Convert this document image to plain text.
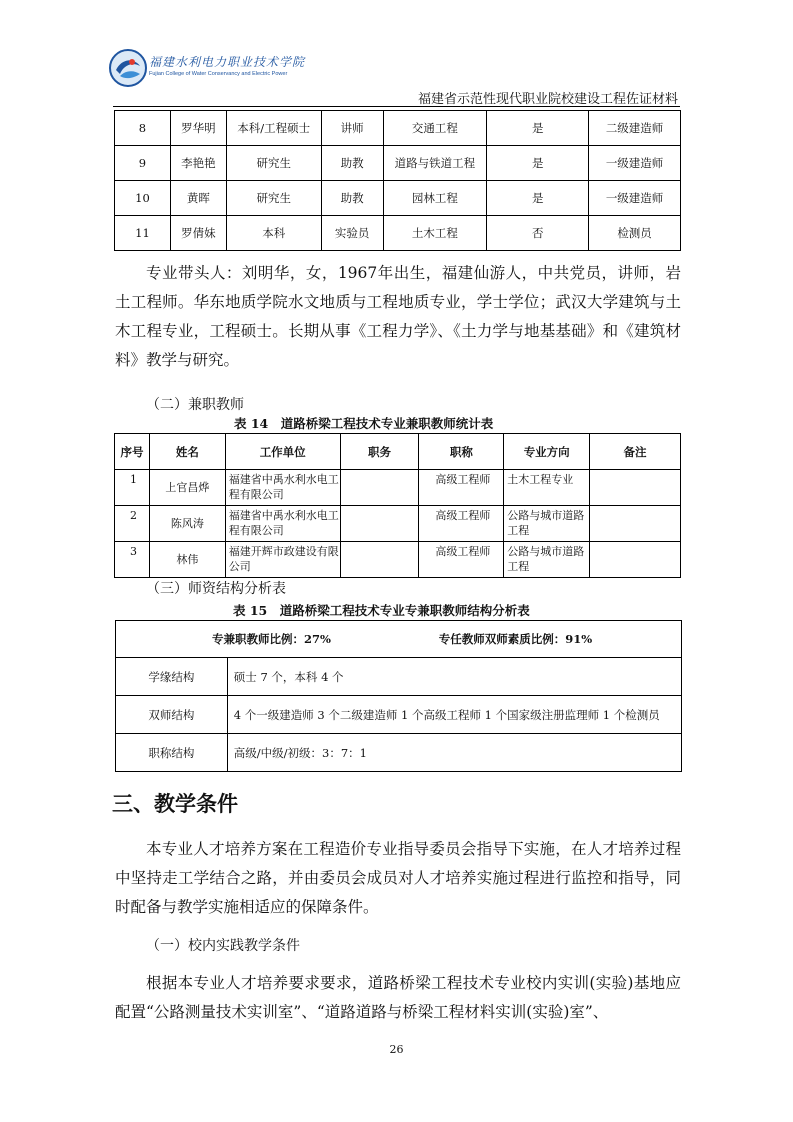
福建水利电力职业技术学院
Fujian College of Water Conservancy and Electric Power
福建省示范性现代职业院校建设工程佐证材料
8	罗华明	本科/工程硕士	讲师	交通工程	是	二级建造师
9	李艳艳	研究生	助教	道路与铁道工程	是	一级建造师
10	黄晖	研究生	助教	园林工程	是	一级建造师
11	罗倩妹	本科	实验员	土木工程	否	检测员
专业带头人：刘明华，女，1967年出生，福建仙游人，中共党员，讲师，岩土工程师。华东地质学院水文地质与工程地质专业，学士学位；武汉大学建筑与土木工程专业，工程硕士。长期从事《工程力学》、《土力学与地基基础》和《建筑材料》教学与研究。
（二）兼职教师
表 14　道路桥梁工程技术专业兼职教师统计表
序号	姓名	工作单位	职务	职称	专业方向	备注
1	上官昌烨	福建省中禹水利水电工程有限公司		高级工程师	土木工程专业	
2	陈风涛	福建省中禹水利水电工程有限公司		高级工程师	公路与城市道路工程	
3	林伟	福建开辉市政建设有限公司		高级工程师	公路与城市道路工程	
（三）师资结构分析表
表 15　道路桥梁工程技术专业专兼职教师结构分析表
专兼职教师比例：27% 专任教师双师素质比例：91%	
学缘结构	硕士 7 个，本科 4 个
双师结构	4 个一级建造师 3 个二级建造师 1 个高级工程师 1 个国家级注册监理师 1 个检测员
职称结构	高级/中级/初级：3：7：1
三、教学条件
本专业人才培养方案在工程造价专业指导委员会指导下实施，在人才培养过程中坚持走工学结合之路，并由委员会成员对人才培养实施过程进行监控和指导，同时配备与教学实施相适应的保障条件。
（一）校内实践教学条件
根据本专业人才培养要求要求，道路桥梁工程技术专业校内实训(实验)基地应配置“公路测量技术实训室”、“道路道路与桥梁工程材料实训(实验)室”、
26
